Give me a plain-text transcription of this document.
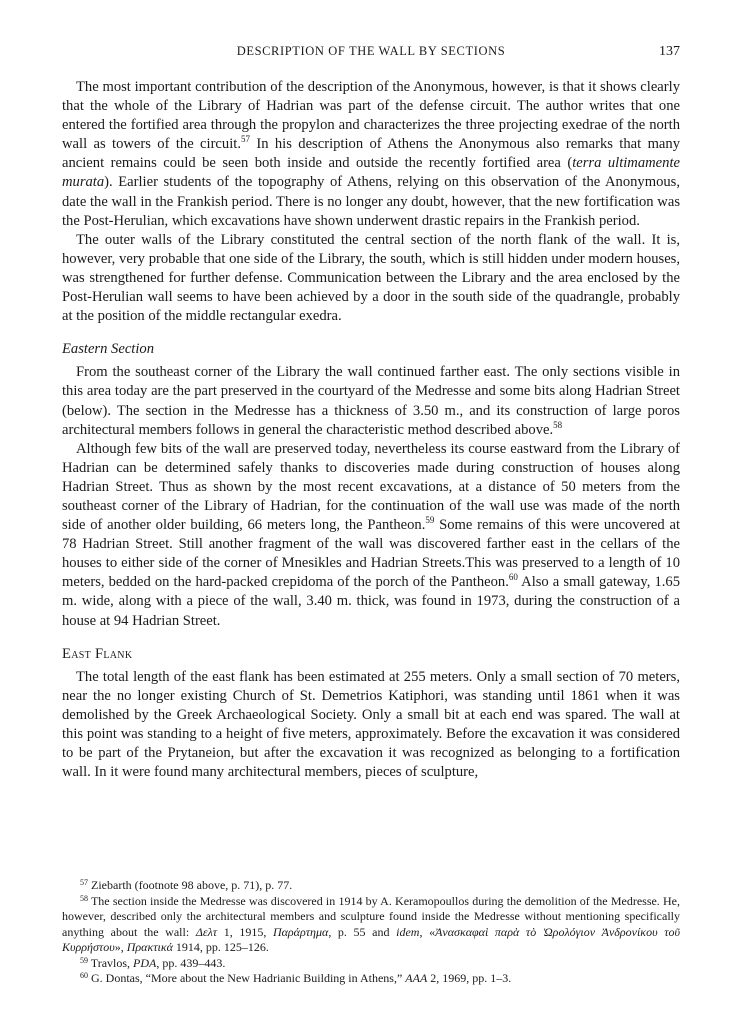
DESCRIPTION OF THE WALL BY SECTIONS	137

The most important contribution of the description of the Anonymous, however, is that it shows clearly that the whole of the Library of Hadrian was part of the defense circuit. The author writes that one entered the fortified area through the propylon and characterizes the three projecting exedrae of the north wall as towers of the circuit.$^{57}$ In his description of Athens the Anonymous also remarks that many ancient remains could be seen both inside and outside the recently fortified area (terra ultimamente murata). Earlier students of the topography of Athens, relying on this observation of the Anonymous, date the wall in the Frankish period. There is no longer any doubt, however, that the new fortification was the Post-Herulian, which excavations have shown underwent drastic repairs in the Frankish period.

The outer walls of the Library constituted the central section of the north flank of the wall. It is, however, very probable that one side of the Library, the south, which is still hidden under modern houses, was strengthened for further defense. Communication between the Library and the area enclosed by the Post-Herulian wall seems to have been achieved by a door in the south side of the quadrangle, probably at the position of the middle rectangular exedra.

Eastern Section

From the southeast corner of the Library the wall continued farther east. The only sections visible in this area today are the part preserved in the courtyard of the Medresse and some bits along Hadrian Street (below). The section in the Medresse has a thickness of 3.50 m., and its construction of large poros architectural members follows in general the characteristic method described above.$^{58}$

Although few bits of the wall are preserved today, nevertheless its course eastward from the Library of Hadrian can be determined safely thanks to discoveries made during construction of houses along Hadrian Street. Thus as shown by the most recent excavations, at a distance of 50 meters from the southeast corner of the Library of Hadrian, for the continuation of the wall use was made of the north side of another older building, 66 meters long, the Pantheon.$^{59}$ Some remains of this were uncovered at 78 Hadrian Street. Still another fragment of the wall was discovered farther east in the cellars of the houses to either side of the corner of Mnesikles and Hadrian Streets.This was preserved to a length of 10 meters, bedded on the hard-packed crepidoma of the porch of the Pantheon.$^{60}$ Also a small gateway, 1.65 m. wide, along with a piece of the wall, 3.40 m. thick, was found in 1973, during the construction of a house at 94 Hadrian Street.

East Flank

The total length of the east flank has been estimated at 255 meters. Only a small section of 70 meters, near the no longer existing Church of St. Demetrios Katiphori, was standing until 1861 when it was demolished by the Greek Archaeological Society. Only a small bit at each end was spared. The wall at this point was standing to a height of five meters, approximately. Before the excavation it was considered to be part of the Prytaneion, but after the excavation it was recognized as belonging to a fortification wall. In it were found many architectural members, pieces of sculpture,

$^{57}$ Ziebarth (footnote 98 above, p. 71), p. 77.

$^{58}$ The section inside the Medresse was discovered in 1914 by A. Keramopoullos during the demolition of the Medresse. He, however, described only the architectural members and sculpture found inside the Medresse without mentioning specifically anything about the wall: Δελτ 1, 1915, Παράρτημα, p. 55 and idem, «Ἀνασκαφαὶ παρὰ τὸ Ὡρολόγιον Ἀνδρονίκου τοῦ Κυρρήστου», Πρακτικά 1914, pp. 125–126.

$^{59}$ Travlos, PDA, pp. 439–443.

$^{60}$ G. Dontas, “More about the New Hadrianic Building in Athens,” AAA 2, 1969, pp. 1–3.
